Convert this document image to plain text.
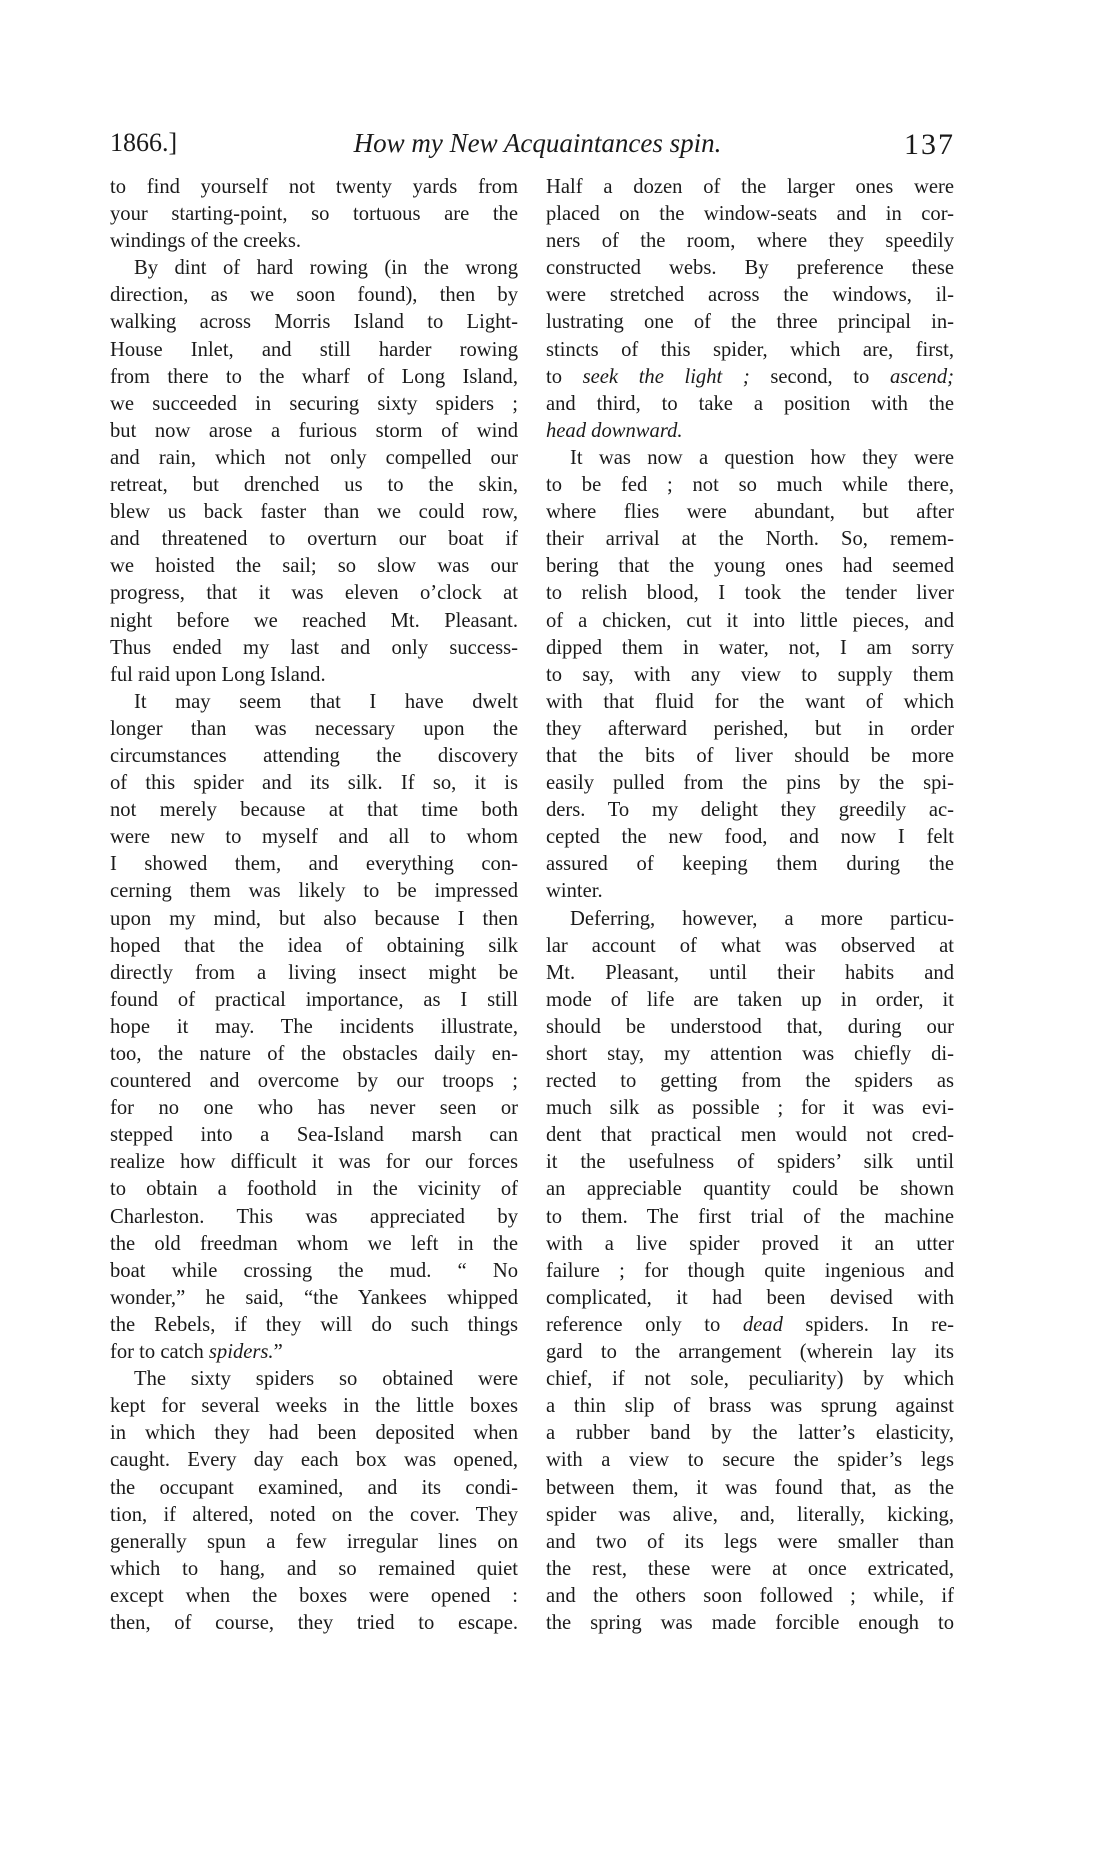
1866.]	How my New Acquaintances spin.	137
to find yourself not twenty yards from
your starting-point, so tortuous are the
windings of the creeks.
By dint of hard rowing (in the wrong
direction, as we soon found), then by
walking across Morris Island to Light-
House Inlet, and still harder rowing
from there to the wharf of Long Island,
we succeeded in securing sixty spiders ;
but now arose a furious storm of wind
and rain, which not only compelled our
retreat, but drenched us to the skin,
blew us back faster than we could row,
and threatened to overturn our boat if
we hoisted the sail; so slow was our
progress, that it was eleven o’clock at
night before we reached Mt. Pleasant.
Thus ended my last and only success-
ful raid upon Long Island.
It may seem that I have dwelt
longer than was necessary upon the
circumstances attending the discovery
of this spider and its silk. If so, it is
not merely because at that time both
were new to myself and all to whom
I showed them, and everything con-
cerning them was likely to be impressed
upon my mind, but also because I then
hoped that the idea of obtaining silk
directly from a living insect might be
found of practical importance, as I still
hope it may. The incidents illustrate,
too, the nature of the obstacles daily en-
countered and overcome by our troops ;
for no one who has never seen or
stepped into a Sea-Island marsh can
realize how difficult it was for our forces
to obtain a foothold in the vicinity of
Charleston. This was appreciated by
the old freedman whom we left in the
boat while crossing the mud. “ No
wonder,” he said, “the Yankees whipped
the Rebels, if they will do such things
for to catch spiders.”
The sixty spiders so obtained were
kept for several weeks in the little boxes
in which they had been deposited when
caught. Every day each box was opened,
the occupant examined, and its condi-
tion, if altered, noted on the cover. They
generally spun a few irregular lines on
which to hang, and so remained quiet
except when the boxes were opened :
then, of course, they tried to escape.
Half a dozen of the larger ones were
placed on the window-seats and in cor-
ners of the room, where they speedily
constructed webs. By preference these
were stretched across the windows, il-
lustrating one of the three principal in-
stincts of this spider, which are, first,
to seek the light ; second, to ascend;
and third, to take a position with the
head downward.
It was now a question how they were
to be fed ; not so much while there,
where flies were abundant, but after
their arrival at the North. So, remem-
bering that the young ones had seemed
to relish blood, I took the tender liver
of a chicken, cut it into little pieces, and
dipped them in water, not, I am sorry
to say, with any view to supply them
with that fluid for the want of which
they afterward perished, but in order
that the bits of liver should be more
easily pulled from the pins by the spi-
ders. To my delight they greedily ac-
cepted the new food, and now I felt
assured of keeping them during the
winter.
Deferring, however, a more particu-
lar account of what was observed at
Mt. Pleasant, until their habits and
mode of life are taken up in order, it
should be understood that, during our
short stay, my attention was chiefly di-
rected to getting from the spiders as
much silk as possible ; for it was evi-
dent that practical men would not cred-
it the usefulness of spiders’ silk until
an appreciable quantity could be shown
to them. The first trial of the machine
with a live spider proved it an utter
failure ; for though quite ingenious and
complicated, it had been devised with
reference only to dead spiders. In re-
gard to the arrangement (wherein lay its
chief, if not sole, peculiarity) by which
a thin slip of brass was sprung against
a rubber band by the latter’s elasticity,
with a view to secure the spider’s legs
between them, it was found that, as the
spider was alive, and, literally, kicking,
and two of its legs were smaller than
the rest, these were at once extricated,
and the others soon followed ; while, if
the spring was made forcible enough to
